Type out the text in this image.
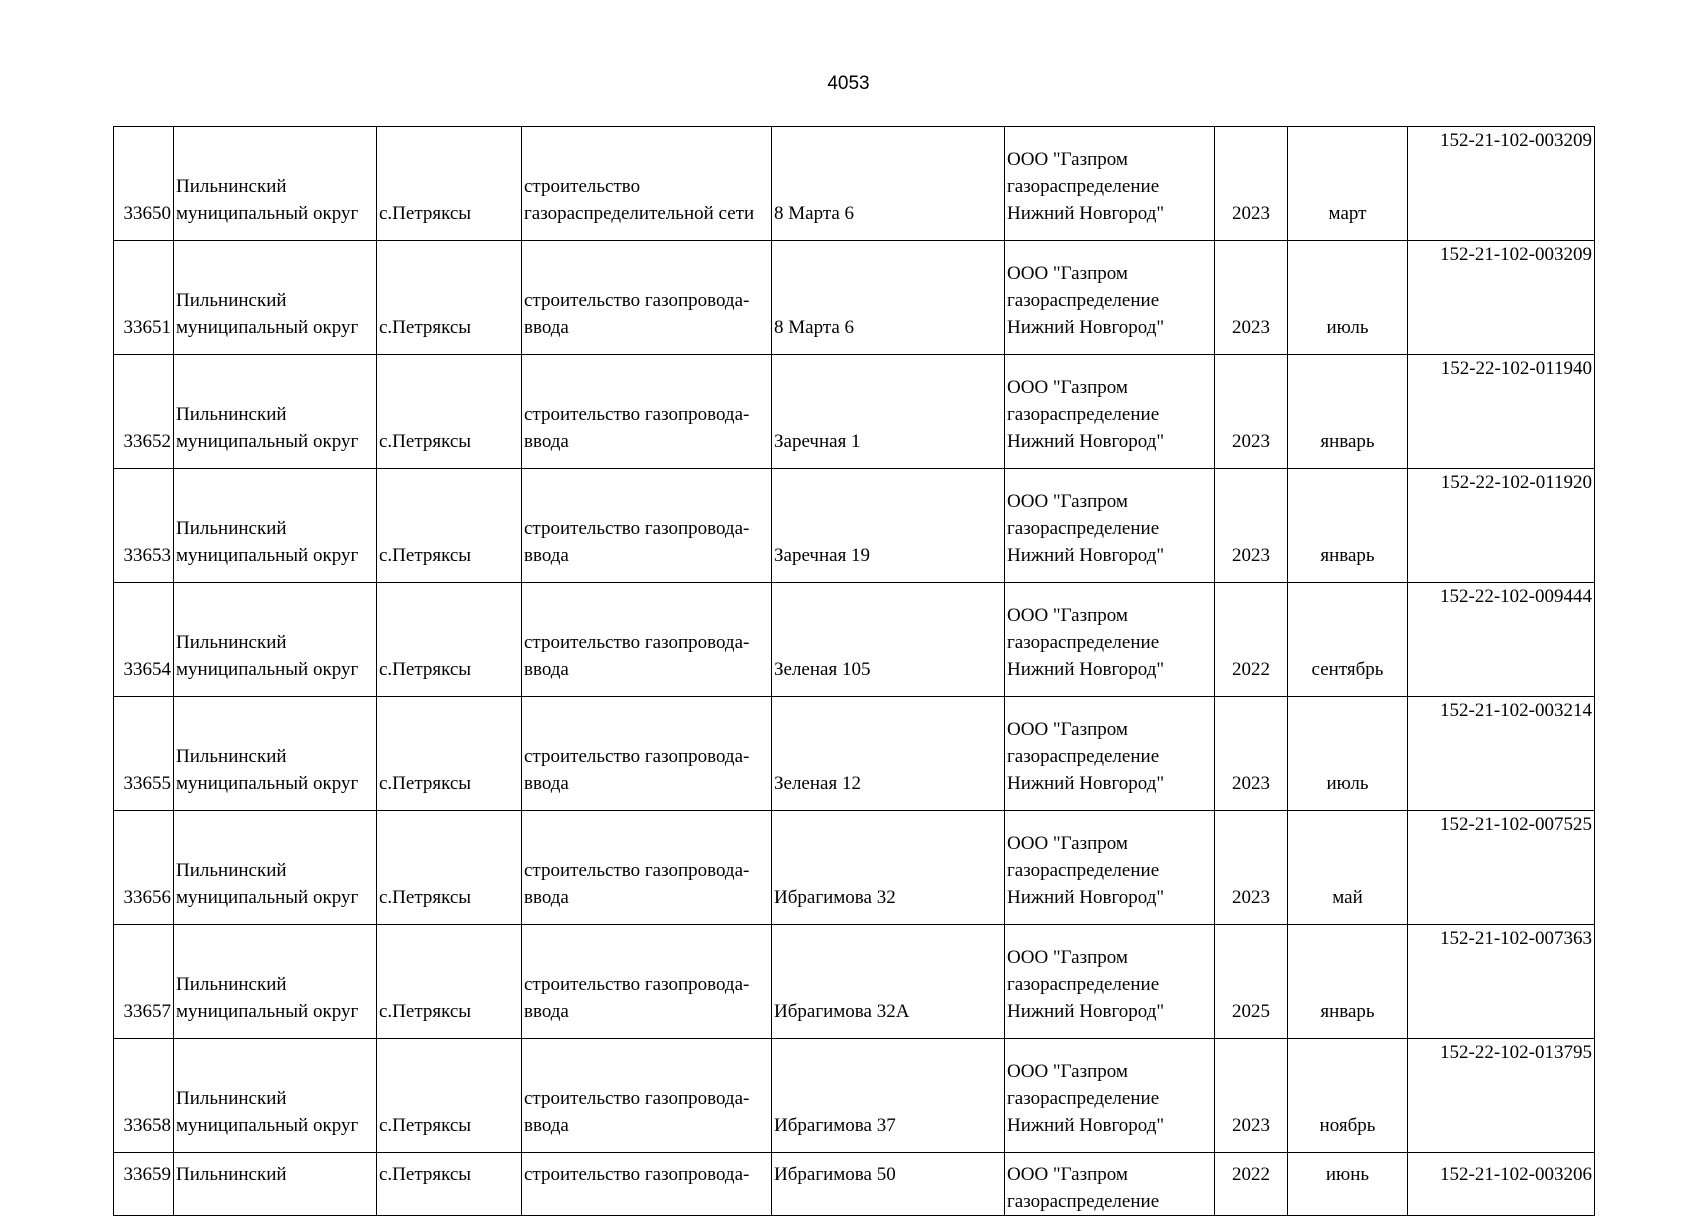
4053
33650	Пильнинский муниципальный округ	с.Петряксы	строительство газораспределительной сети	8 Марта 6	ООО "Газпром
газораспределение
Нижний Новгород"	2023	март	152-21-102-003209
33651	Пильнинский муниципальный округ	с.Петряксы	строительство газопровода-ввода	8 Марта 6	ООО "Газпром
газораспределение
Нижний Новгород"	2023	июль	152-21-102-003209
33652	Пильнинский муниципальный округ	с.Петряксы	строительство газопровода-ввода	Заречная 1	ООО "Газпром
газораспределение
Нижний Новгород"	2023	январь	152-22-102-011940
33653	Пильнинский муниципальный округ	с.Петряксы	строительство газопровода-ввода	Заречная 19	ООО "Газпром
газораспределение
Нижний Новгород"	2023	январь	152-22-102-011920
33654	Пильнинский муниципальный округ	с.Петряксы	строительство газопровода-ввода	Зеленая 105	ООО "Газпром
газораспределение
Нижний Новгород"	2022	сентябрь	152-22-102-009444
33655	Пильнинский муниципальный округ	с.Петряксы	строительство газопровода-ввода	Зеленая 12	ООО "Газпром
газораспределение
Нижний Новгород"	2023	июль	152-21-102-003214
33656	Пильнинский муниципальный округ	с.Петряксы	строительство газопровода-ввода	Ибрагимова 32	ООО "Газпром
газораспределение
Нижний Новгород"	2023	май	152-21-102-007525
33657	Пильнинский муниципальный округ	с.Петряксы	строительство газопровода-ввода	Ибрагимова 32А	ООО "Газпром
газораспределение
Нижний Новгород"	2025	январь	152-21-102-007363
33658	Пильнинский муниципальный округ	с.Петряксы	строительство газопровода-ввода	Ибрагимова 37	ООО "Газпром
газораспределение
Нижний Новгород"	2023	ноябрь	152-22-102-013795
33659	Пильнинский	с.Петряксы	строительство газопровода-	Ибрагимова 50	ООО "Газпром
газораспределение	2022	июнь	152-21-102-003206
